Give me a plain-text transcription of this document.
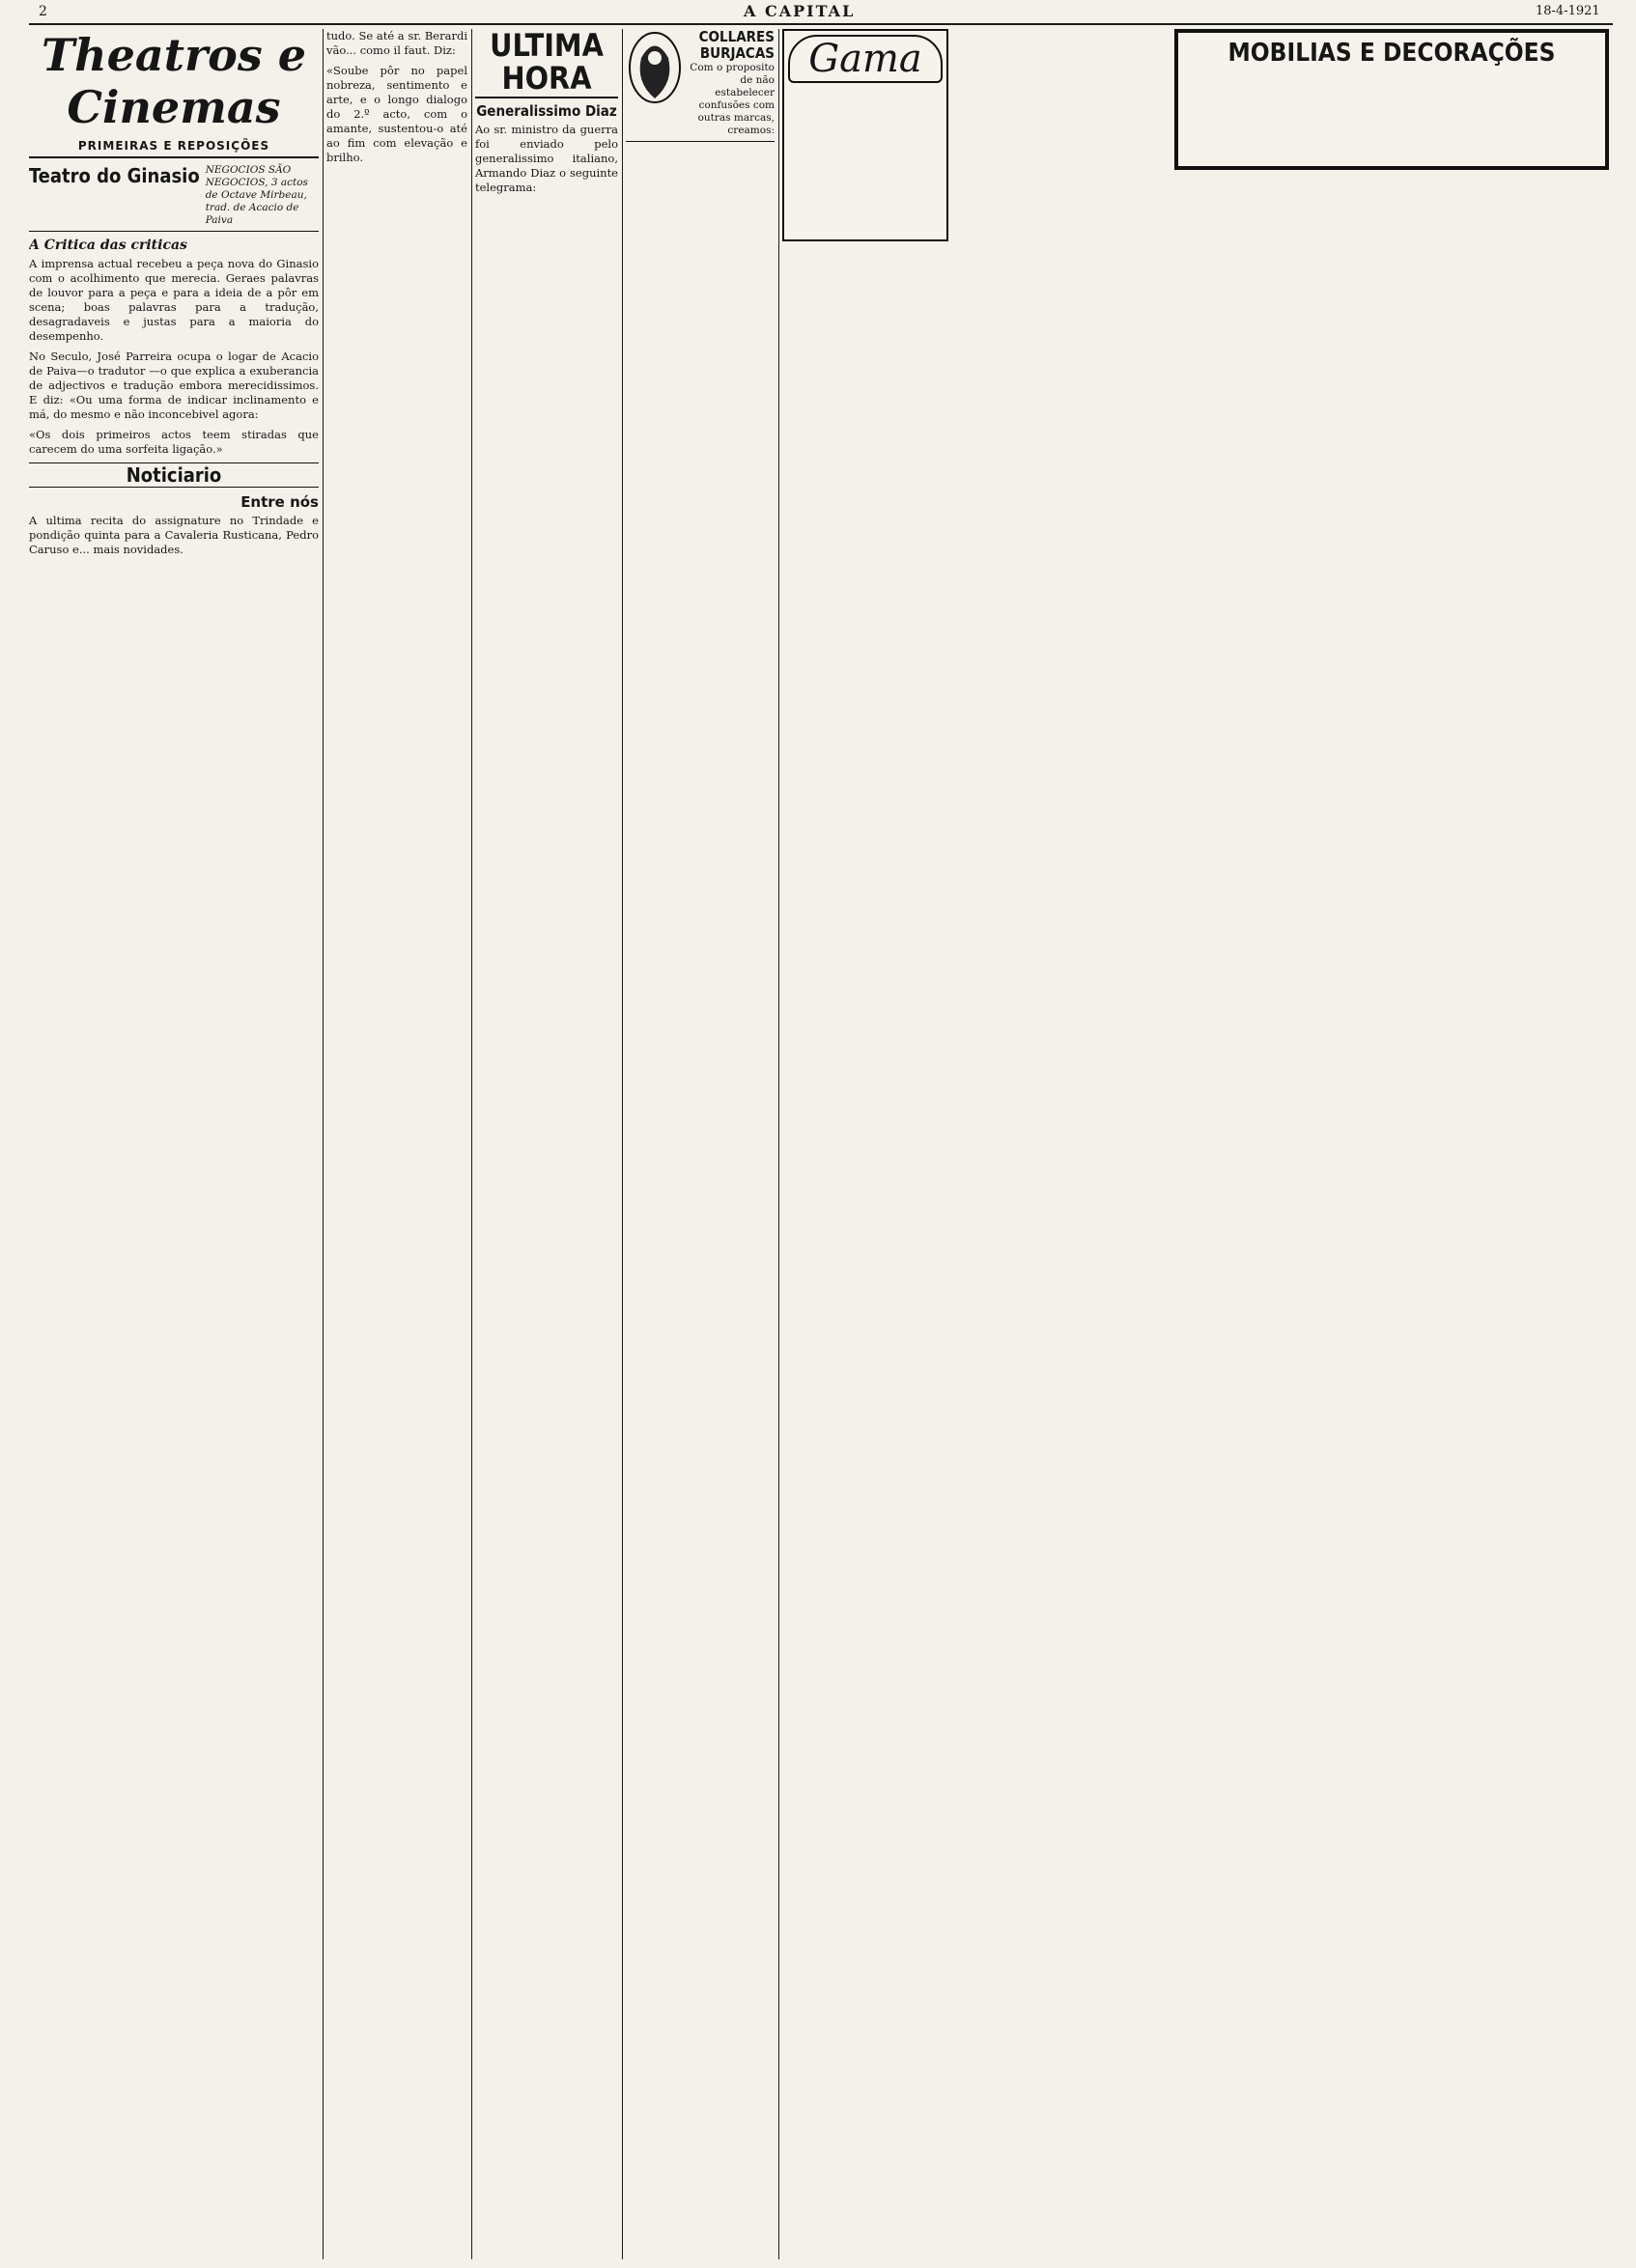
2	A CAPITAL	18-4-1921
Theatros e Cinemas
PRIMEIRAS E REPOSIÇÕES
Teatro do Ginasio NEGOCIOS SÃO NEGOCIOS, 3 actos de Octave Mirbeau, trad. de Acacio de Paiva
A Critica das criticas

A imprensa actual recebeu a peça nova do Ginasio com o acolhimento que merecia. Geraes palavras de louvor para a peça e para a ideia de a pôr em scena; boas palavras para a tradução, desagradaveis e justas para a maioria do desempenho.

No Seculo, José Parreira ocupa o logar de Acacio de Paiva—o tradutor —o que explica a exuberancia de adjectivos e tradução embora merecidissimos. E diz: «Ou uma forma de indicar inclinamento e má, do mesmo e não inconcebivel agora:

«Os dois primeiros actos teem stiradas que carecem do uma sorfeita ligação.»

Noticiario
Entre nós

A ultima recita do assignature no Trindade e pondição quinta para a Cavaleria Rusticana, Pedro Caruso e... mais novidades.

tudo. Se até a sr. Berardi vão... como il faut. Diz:

«Soube pôr no papel nobreza, sentimento e arte, e o longo dialogo do 2.º acto, com o amante, sustentou-o até ao fim com elevação e brilho.

ULTIMA HORA
Generalissimo Diaz

Ao sr. ministro da guerra foi enviado pelo generalissimo italiano, Armando Diaz o seguinte telegrama:

COLLARES BURJACAS
Com o proposito de não estabelecer confusões com outras marcas, creamos:
Gama	MOBILIAS E DECORAÇÕES
